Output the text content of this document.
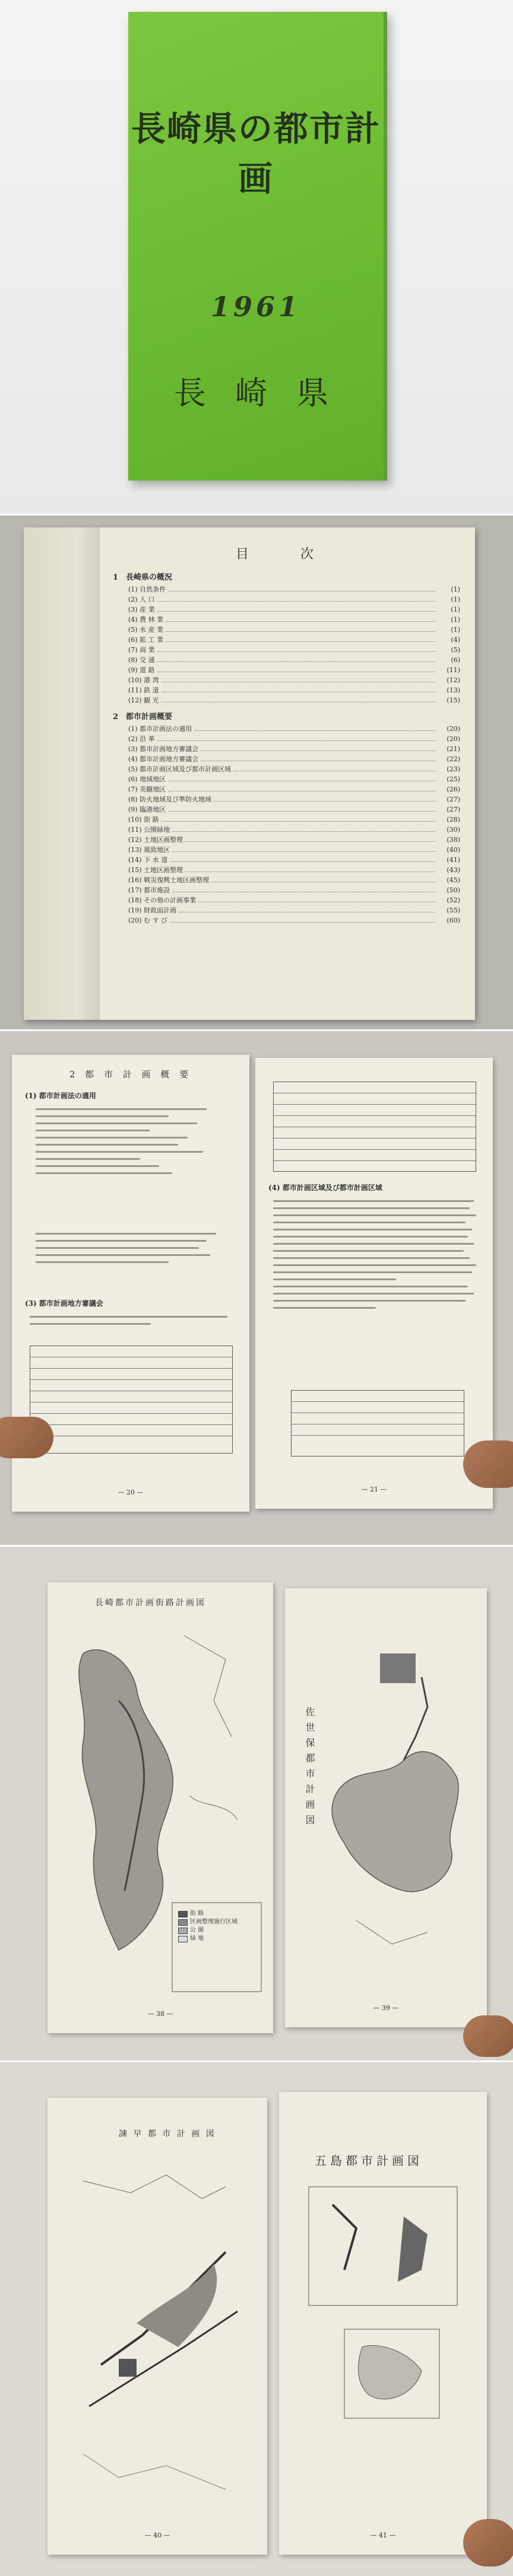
長崎県の都市計画
1961
長 崎 県
目 次
1　長崎県の概況
(1) 自然条件	(1)
(2) 人 口	(1)
(3) 産 業	(1)
(4) 農 林 業	(1)
(5) 水 産 業	(1)
(6) 鉱 工 業	(4)
(7) 商 業	(5)
(8) 交 通	(6)
(9) 道 路	(11)
(10) 港 湾	(12)
(11) 鉄 道	(13)
(12) 観 光	(15)
2　都市計画概要
(1) 都市計画法の適用	(20)
(2) 沿 革	(20)
(3) 都市計画地方審議会	(21)
(4) 都市計画地方審議会	(22)
(5) 都市計画区域及び都市計画区域	(23)
(6) 地域地区	(25)
(7) 美観地区	(26)
(8) 防火地域及び準防火地域	(27)
(9) 臨港地区	(27)
(10) 街 路	(28)
(11) 公園緑地	(30)
(12) 土地区画整理	(38)
(13) 風致地区	(40)
(14) 下 水 道	(41)
(15) 土地区画整理	(43)
(16) 戦災復興土地区画整理	(45)
(17) 都市施設	(50)
(18) その他の計画事業	(52)
(19) 財政面計画	(55)
(20) む す び	(60)
2 都 市 計 画 概 要
(1) 都市計画法の適用
(3) 都市計画地方審議会
— 20 —
(4) 都市計画区域及び都市計画区域
— 21 —
長崎都市計画街路計画図
街 路
区画整理施行区域
公 園
緑 地
— 38 —
佐世保都市計画図
— 39 —
諫 早 都 市 計 画 図
— 40 —
五島都市計画図
— 41 —
